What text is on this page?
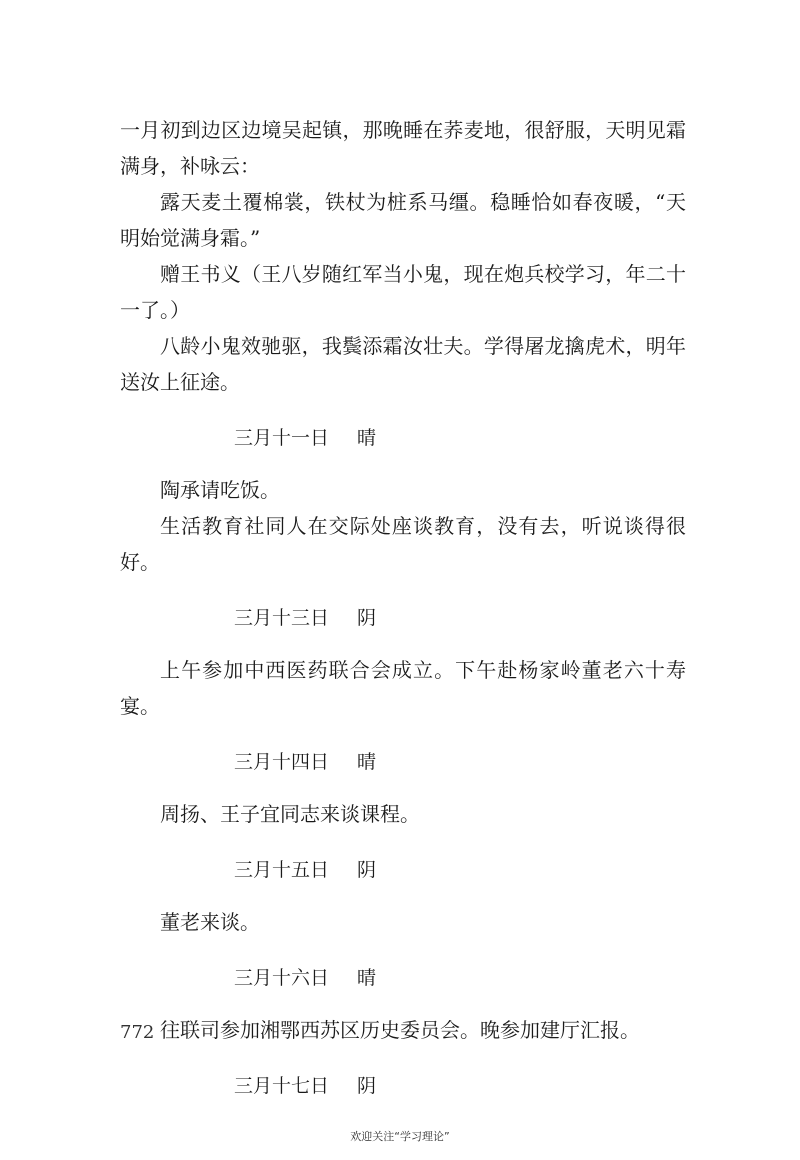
一月初到边区边境吴起镇，那晚睡在荞麦地，很舒服，天明见霜满身，补咏云：

露天麦土覆棉裳，铁杖为桩系马缰。稳睡恰如春夜暖，“天明始觉满身霜。”

赠王书义（王八岁随红军当小鬼，现在炮兵校学习，年二十一了。）

八龄小鬼效驰驱，我鬓添霜汝壮夫。学得屠龙擒虎术，明年送汝上征途。

三月十一日 晴

陶承请吃饭。

生活教育社同人在交际处座谈教育，没有去，听说谈得很好。

三月十三日 阴

上午参加中西医药联合会成立。下午赴杨家岭董老六十寿宴。

三月十四日 晴

周扬、王子宜同志来谈课程。

三月十五日 阴

董老来谈。

三月十六日 晴

往联司参加湘鄂西苏区历史委员会。晚参加建厅汇报。

三月十七日 阴
772
欢迎关注“学习理论”
